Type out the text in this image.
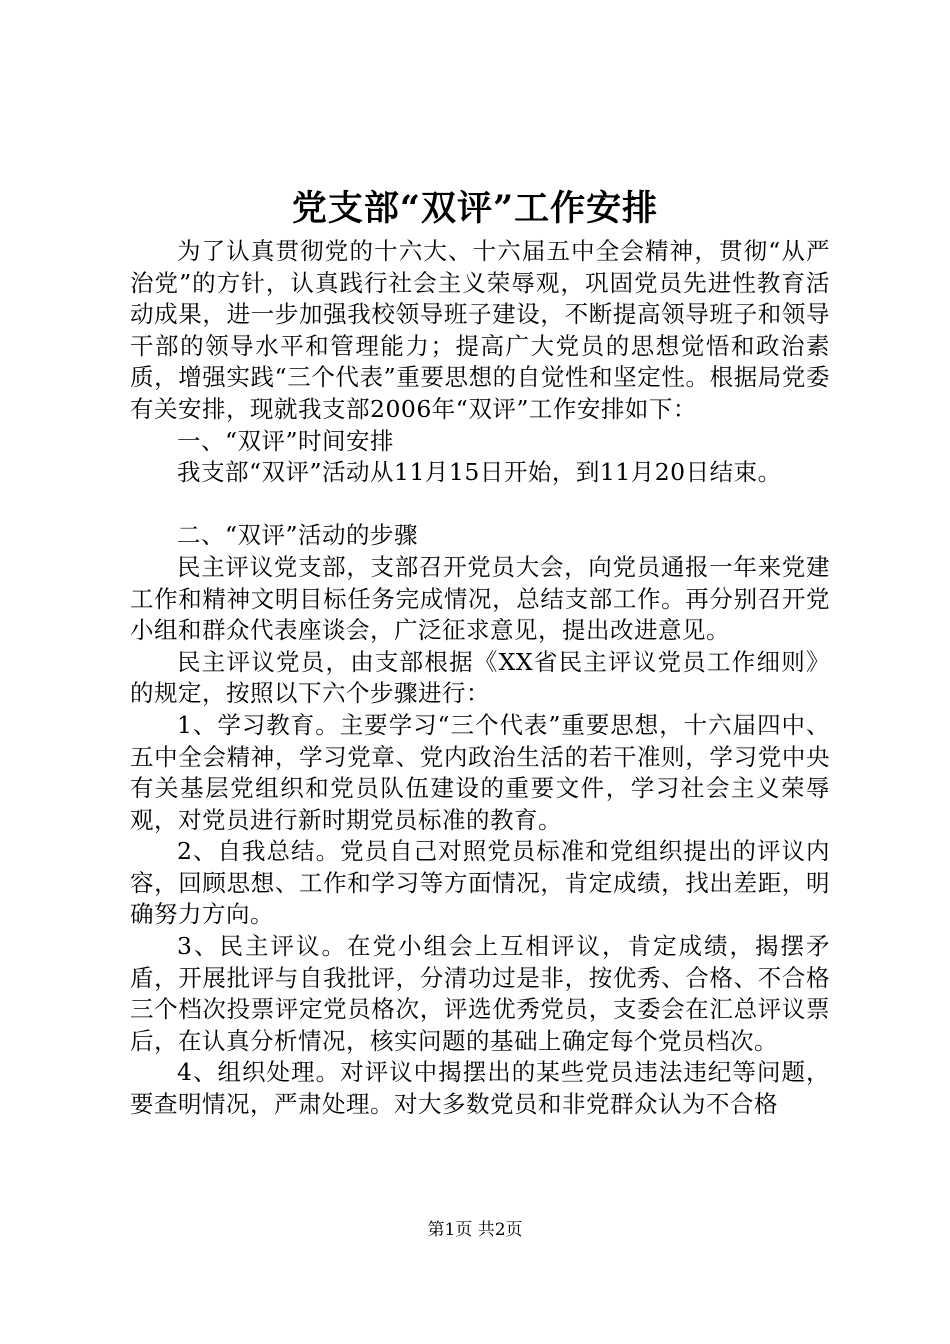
党支部“双评”工作安排

为了认真贯彻党的十六大、十六届五中全会精神，贯彻“从严治党”的方针，认真践行社会主义荣辱观，巩固党员先进性教育活动成果，进一步加强我校领导班子建设，不断提高领导班子和领导干部的领导水平和管理能力；提高广大党员的思想觉悟和政治素质，增强实践“三个代表”重要思想的自觉性和坚定性。根据局党委有关安排，现就我支部2006年“双评”工作安排如下：

一、“双评”时间安排

我支部“双评”活动从11月15日开始，到11月20日结束。

二、“双评”活动的步骤

民主评议党支部，支部召开党员大会，向党员通报一年来党建工作和精神文明目标任务完成情况，总结支部工作。再分别召开党小组和群众代表座谈会，广泛征求意见，提出改进意见。

民主评议党员，由支部根据《XX省民主评议党员工作细则》的规定，按照以下六个步骤进行：

1、学习教育。主要学习“三个代表”重要思想，十六届四中、五中全会精神，学习党章、党内政治生活的若干准则，学习党中央有关基层党组织和党员队伍建设的重要文件，学习社会主义荣辱观，对党员进行新时期党员标准的教育。

2、自我总结。党员自己对照党员标准和党组织提出的评议内容，回顾思想、工作和学习等方面情况，肯定成绩，找出差距，明确努力方向。

3、民主评议。在党小组会上互相评议，肯定成绩，揭摆矛盾，开展批评与自我批评，分清功过是非，按优秀、合格、不合格三个档次投票评定党员格次，评选优秀党员，支委会在汇总评议票后，在认真分析情况，核实问题的基础上确定每个党员档次。

4、组织处理。对评议中揭摆出的某些党员违法违纪等问题，要查明情况，严肃处理。对大多数党员和非党群众认为不合格

第1页 共2页
